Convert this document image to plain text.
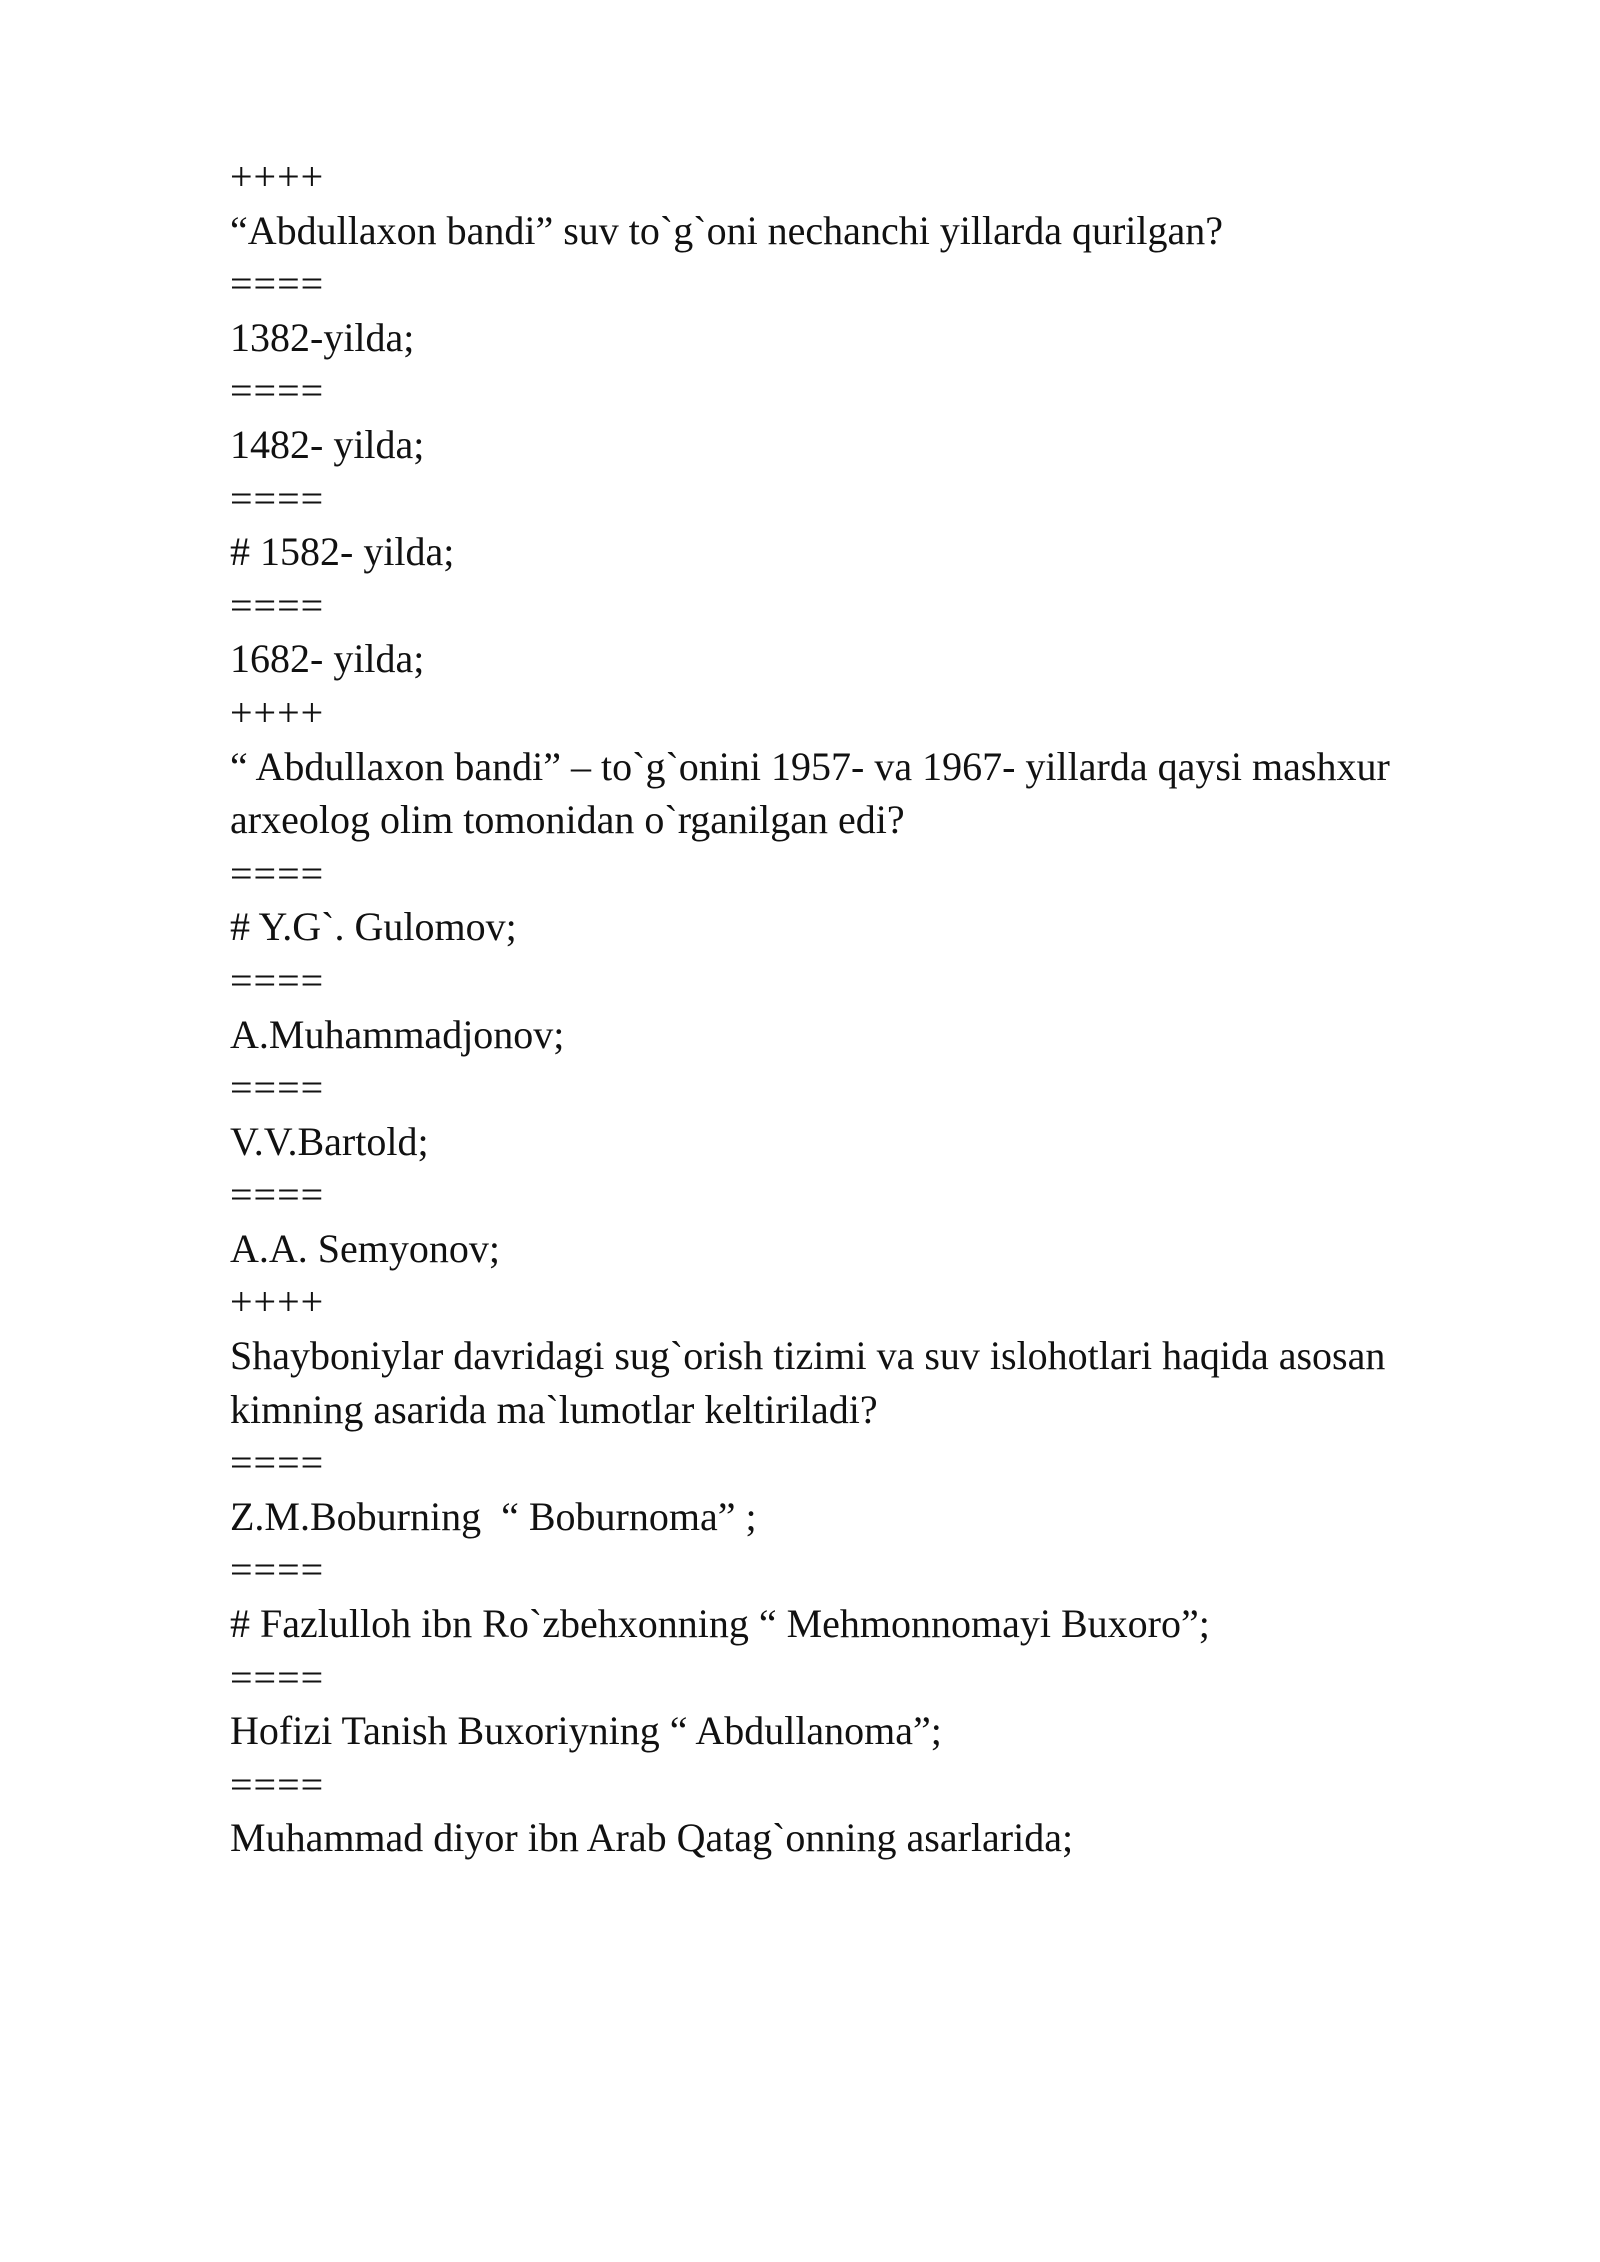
++++
“Abdullaxon bandi” suv to`g`oni nechanchi yillarda qurilgan?
====
1382-yilda;
====
1482- yilda;
====
# 1582- yilda;
====
1682- yilda;
++++
“ Abdullaxon bandi” – to`g`onini 1957- va 1967- yillarda qaysi mashxur arxeolog olim tomonidan o`rganilgan edi?
====
# Y.G`. Gulomov;
====
A.Muhammadjonov;
====
V.V.Bartold;
====
A.A. Semyonov;
++++
Shayboniylar davridagi sug`orish tizimi va suv islohotlari haqida asosan kimning asarida ma`lumotlar keltiriladi?
====
Z.M.Boburning  “ Boburnoma” ;
====
# Fazlulloh ibn Ro`zbehxonning “ Mehmonnomayi Buxoro”;
====
Hofizi Tanish Buxoriyning “ Abdullanoma”;
====
Muhammad diyor ibn Arab Qatag`onning asarlarida;
